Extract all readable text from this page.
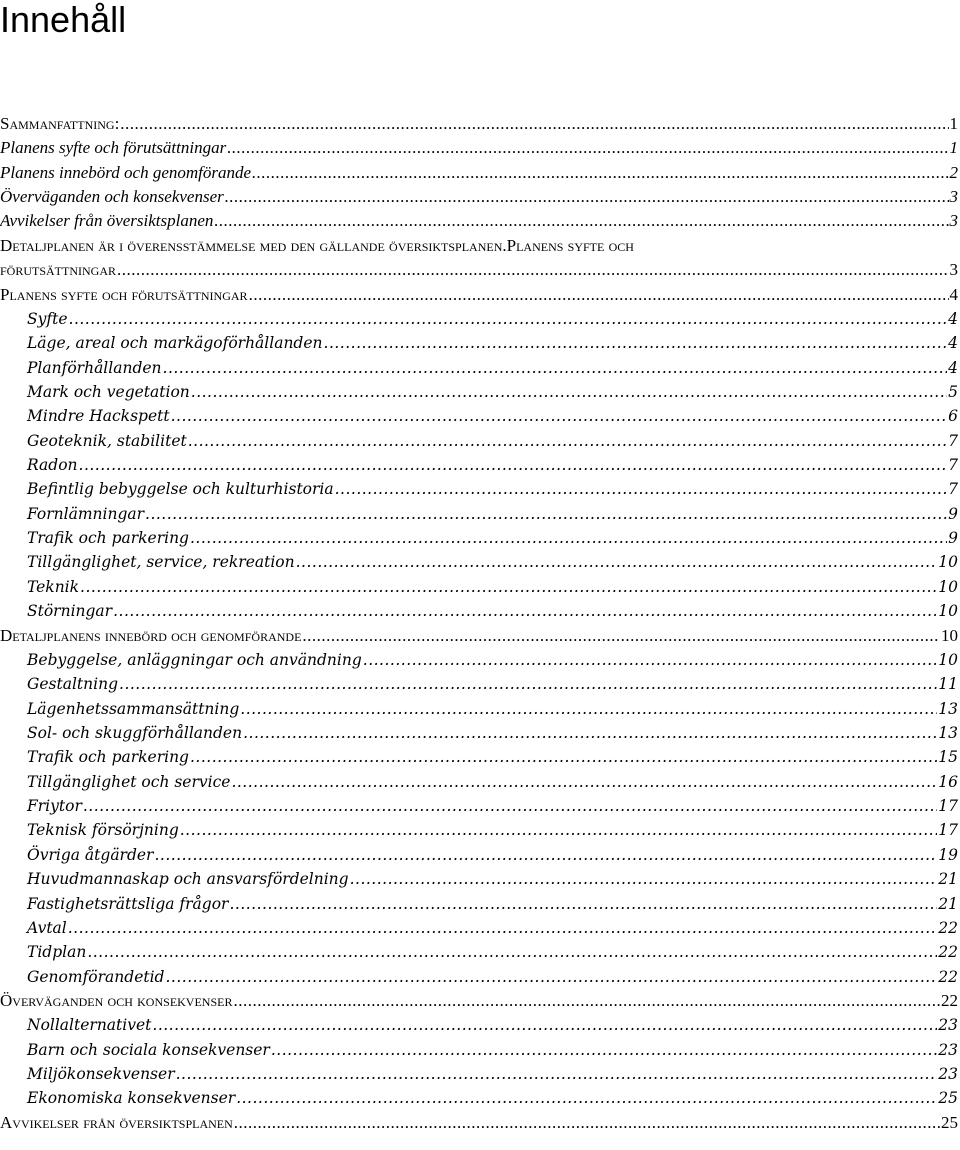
Innehåll
Sammanfattning: .....	1
Planens syfte och förutsättningar .....	1
Planens innebörd och genomförande .....	2
Överväganden och konsekvenser .....	3
Avvikelser från översiktsplanen .....	3
Detaljplanen är i överensstämmelse med den gällande översiktsplanen.Planens syfte och
förutsättningar .....	3
Planens syfte och förutsättningar .....	4
Syfte .....	4
Läge, areal och markägoförhållanden .....	4
Planförhållanden .....	4
Mark och vegetation .....	5
Mindre Hackspett .....	6
Geoteknik, stabilitet .....	7
Radon .....	7
Befintlig bebyggelse och kulturhistoria .....	7
Fornlämningar .....	9
Trafik och parkering .....	9
Tillgänglighet, service, rekreation .....	10
Teknik .....	10
Störningar .....	10
Detaljplanens innebörd och genomförande .....	10
Bebyggelse, anläggningar och användning .....	10
Gestaltning .....	11
Lägenhetssammansättning .....	13
Sol- och skuggförhållanden .....	13
Trafik och parkering .....	15
Tillgänglighet och service .....	16
Friytor .....	17
Teknisk försörjning .....	17
Övriga åtgärder .....	19
Huvudmannaskap och ansvarsfördelning .....	21
Fastighetsrättsliga frågor .....	21
Avtal .....	22
Tidplan .....	22
Genomförandetid .....	22
Överväganden och konsekvenser .....	22
Nollalternativet .....	23
Barn och sociala konsekvenser .....	23
Miljökonsekvenser .....	23
Ekonomiska konsekvenser .....	25
Avvikelser från översiktsplanen .....	25
